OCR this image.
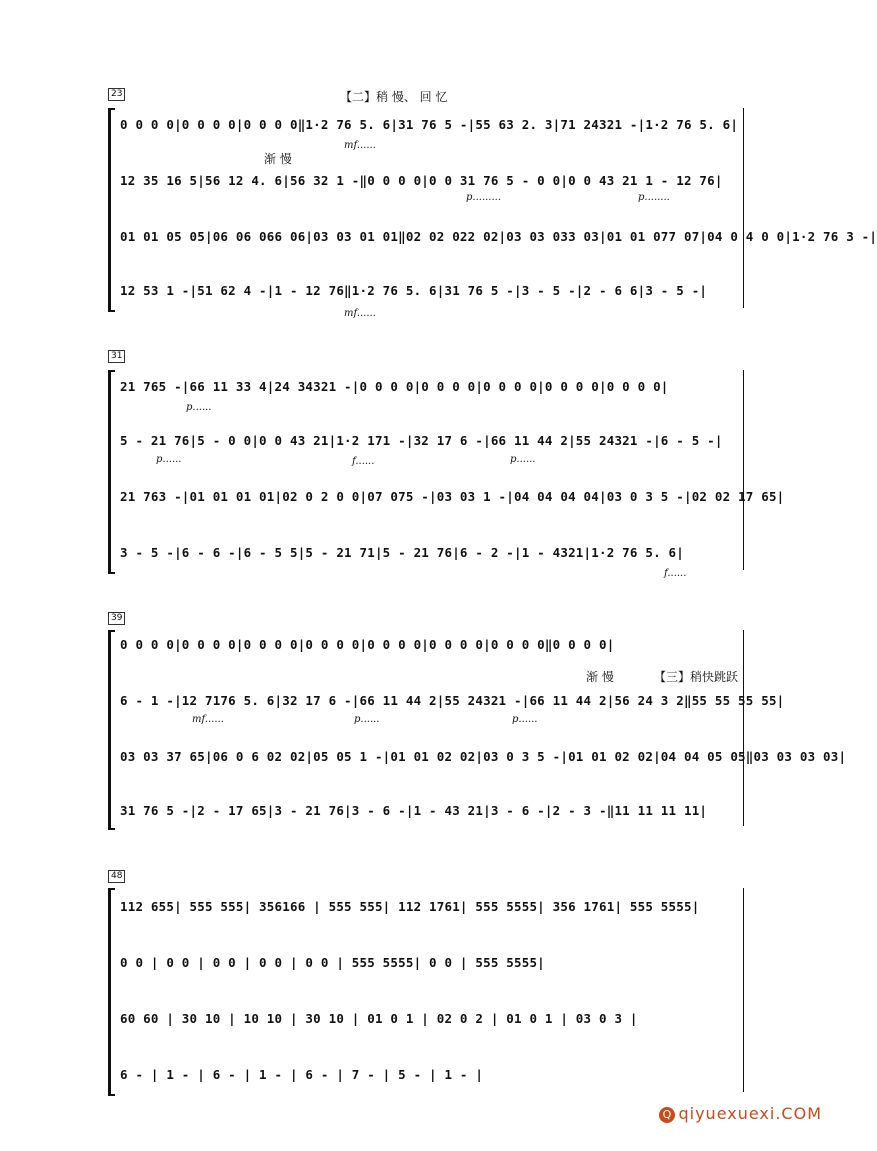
23	【二】稍 慢、 回 忆
0 0 0 0|0 0 0 0|0 0 0 0‖1·2 76 5. 6|31 76 5 -|55 63 2. 3|71 24321 -|1·2 76 5. 6|
mf......
渐 慢
12 35 16 5|56 12 4. 6|56 32 1 -‖0 0 0 0|0 0 31 76 5 - 0 0|0 0 43 21 1 - 12 76|
p.........	p........
01 01 05 05|06 06 066 06|03 03 01 01‖02 02 022 02|03 03 033 03|01 01 077 07|04 0 4 0 0|1·2 76 3 -|
12 53 1 -|51 62 4 -|1 - 12 76‖1·2 76 5. 6|31 76 5 -|3 - 5 -|2 - 6 6|3 - 5 -|
mf......
31
21 765 -|66 11 33 4|24 34321 -|0 0 0 0|0 0 0 0|0 0 0 0|0 0 0 0|0 0 0 0|
p......
5 - 21 76|5 - 0 0|0 0 43 21|1·2 171 -|32 17 6 -|66 11 44 2|55 24321 -|6 - 5 -|
p......	f......	p......
21 763 -|01 01 01 01|02 0 2 0 0|07 075 -|03 03 1 -|04 04 04 04|03 0 3 5 -|02 02 17 65|
3 - 5 -|6 - 6 -|6 - 5 5|5 - 21 71|5 - 21 76|6 - 2 -|1 - 4321|1·2 76 5. 6|
f......
39
0 0 0 0|0 0 0 0|0 0 0 0|0 0 0 0|0 0 0 0|0 0 0 0|0 0 0 0‖0 0 0 0|
渐 慢	【三】稍快跳跃
6 - 1 -|12 7176 5. 6|32 17 6 -|66 11 44 2|55 24321 -|66 11 44 2|56 24 3 2‖55 55 55 55|
mf......	p......	p......
03 03 37 65|06 0 6 02 02|05 05 1 -|01 01 02 02|03 0 3 5 -|01 01 02 02|04 04 05 05‖03 03 03 03|
31 76 5 -|2 - 17 65|3 - 21 76|3 - 6 -|1 - 43 21|3 - 6 -|2 - 3 -‖11 11 11 11|
48
112 655| 555 555| 356166 | 555 555| 112 1761| 555 5555| 356 1761| 555 5555|
0 0 | 0 0 | 0 0 | 0 0 | 0 0 | 555 5555| 0 0 | 555 5555|
60 60 | 30 10 | 10 10 | 30 10 | 01 0 1 | 02 0 2 | 01 0 1 | 03 0 3 |
6 - | 1 - | 6 - | 1 - | 6 - | 7 - | 5 - | 1 - |
Q qiyuexuexi.COM
